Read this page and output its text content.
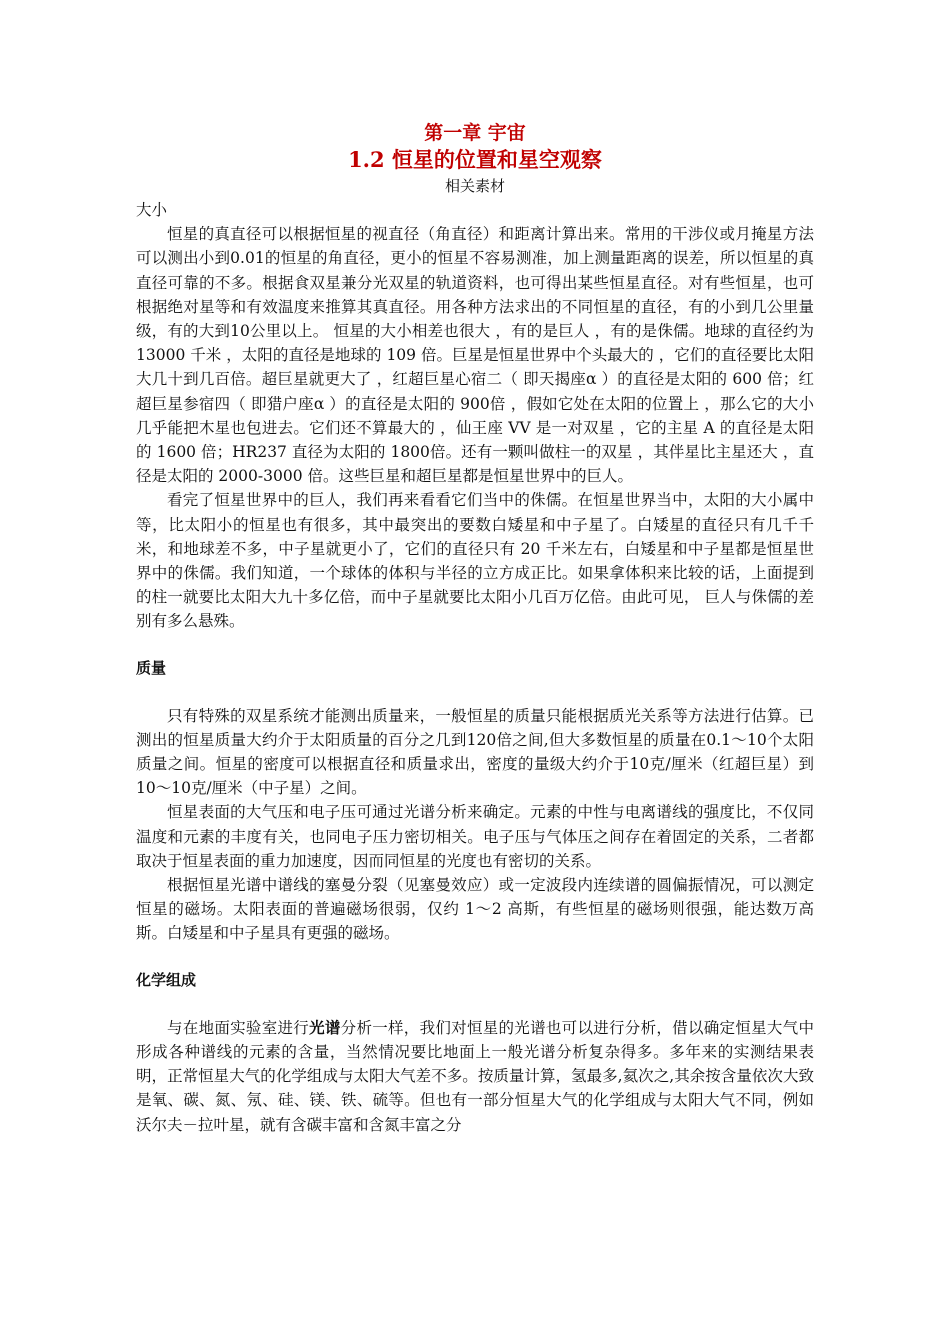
第一章 宇宙

1.2 恒星的位置和星空观察

相关素材

大小

恒星的真直径可以根据恒星的视直径（角直径）和距离计算出来。常用的干涉仪或月掩星方法可以测出小到0.01的恒星的角直径，更小的恒星不容易测准，加上测量距离的误差，所以恒星的真直径可靠的不多。根据食双星兼分光双星的轨道资料，也可得出某些恒星直径。对有些恒星，也可根据绝对星等和有效温度来推算其真直径。用各种方法求出的不同恒星的直径，有的小到几公里量级，有的大到10公里以上。 恒星的大小相差也很大 ，有的是巨人 ，有的是侏儒。地球的直径约为 13000 千米 ，太阳的直径是地球的 109 倍。巨星是恒星世界中个头最大的 ，它们的直径要比太阳大几十到几百倍。超巨星就更大了 ，红超巨星心宿二（ 即天揭座α ）的直径是太阳的 600 倍；红超巨星参宿四（ 即猎户座α ）的直径是太阳的 900倍 ，假如它处在太阳的位置上 ，那么它的大小几乎能把木星也包进去。它们还不算最大的 ，仙王座 VV 是一对双星 ，它的主星 A 的直径是太阳的 1600 倍；HR237 直径为太阳的 1800倍。还有一颗叫做柱一的双星 ，其伴星比主星还大 ，直径是太阳的 2000-3000 倍。这些巨星和超巨星都是恒星世界中的巨人。

看完了恒星世界中的巨人，我们再来看看它们当中的侏儒。在恒星世界当中，太阳的大小属中等，比太阳小的恒星也有很多，其中最突出的要数白矮星和中子星了。白矮星的直径只有几千千米，和地球差不多，中子星就更小了，它们的直径只有 20 千米左右，白矮星和中子星都是恒星世界中的侏儒。我们知道，一个球体的体积与半径的立方成正比。如果拿体积来比较的话，上面提到的柱一就要比太阳大九十多亿倍，而中子星就要比太阳小几百万亿倍。由此可见， 巨人与侏儒的差别有多么悬殊。

质量

只有特殊的双星系统才能测出质量来，一般恒星的质量只能根据质光关系等方法进行估算。已测出的恒星质量大约介于太阳质量的百分之几到120倍之间,但大多数恒星的质量在0.1～10个太阳质量之间。恒星的密度可以根据直径和质量求出，密度的量级大约介于10克/厘米（红超巨星）到 10～10克/厘米（中子星）之间。

恒星表面的大气压和电子压可通过光谱分析来确定。元素的中性与电离谱线的强度比，不仅同温度和元素的丰度有关，也同电子压力密切相关。电子压与气体压之间存在着固定的关系，二者都取决于恒星表面的重力加速度，因而同恒星的光度也有密切的关系。

根据恒星光谱中谱线的塞曼分裂（见塞曼效应）或一定波段内连续谱的圆偏振情况，可以测定恒星的磁场。太阳表面的普遍磁场很弱，仅约 1～2 高斯，有些恒星的磁场则很强，能达数万高斯。白矮星和中子星具有更强的磁场。

化学组成

与在地面实验室进行光谱分析一样，我们对恒星的光谱也可以进行分析，借以确定恒星大气中形成各种谱线的元素的含量，当然情况要比地面上一般光谱分析复杂得多。多年来的实测结果表明，正常恒星大气的化学组成与太阳大气差不多。按质量计算，氢最多,氦次之,其余按含量依次大致是氧、碳、氮、氖、硅、镁、铁、硫等。但也有一部分恒星大气的化学组成与太阳大气不同，例如沃尔夫－拉叶星，就有含碳丰富和含氮丰富之分
